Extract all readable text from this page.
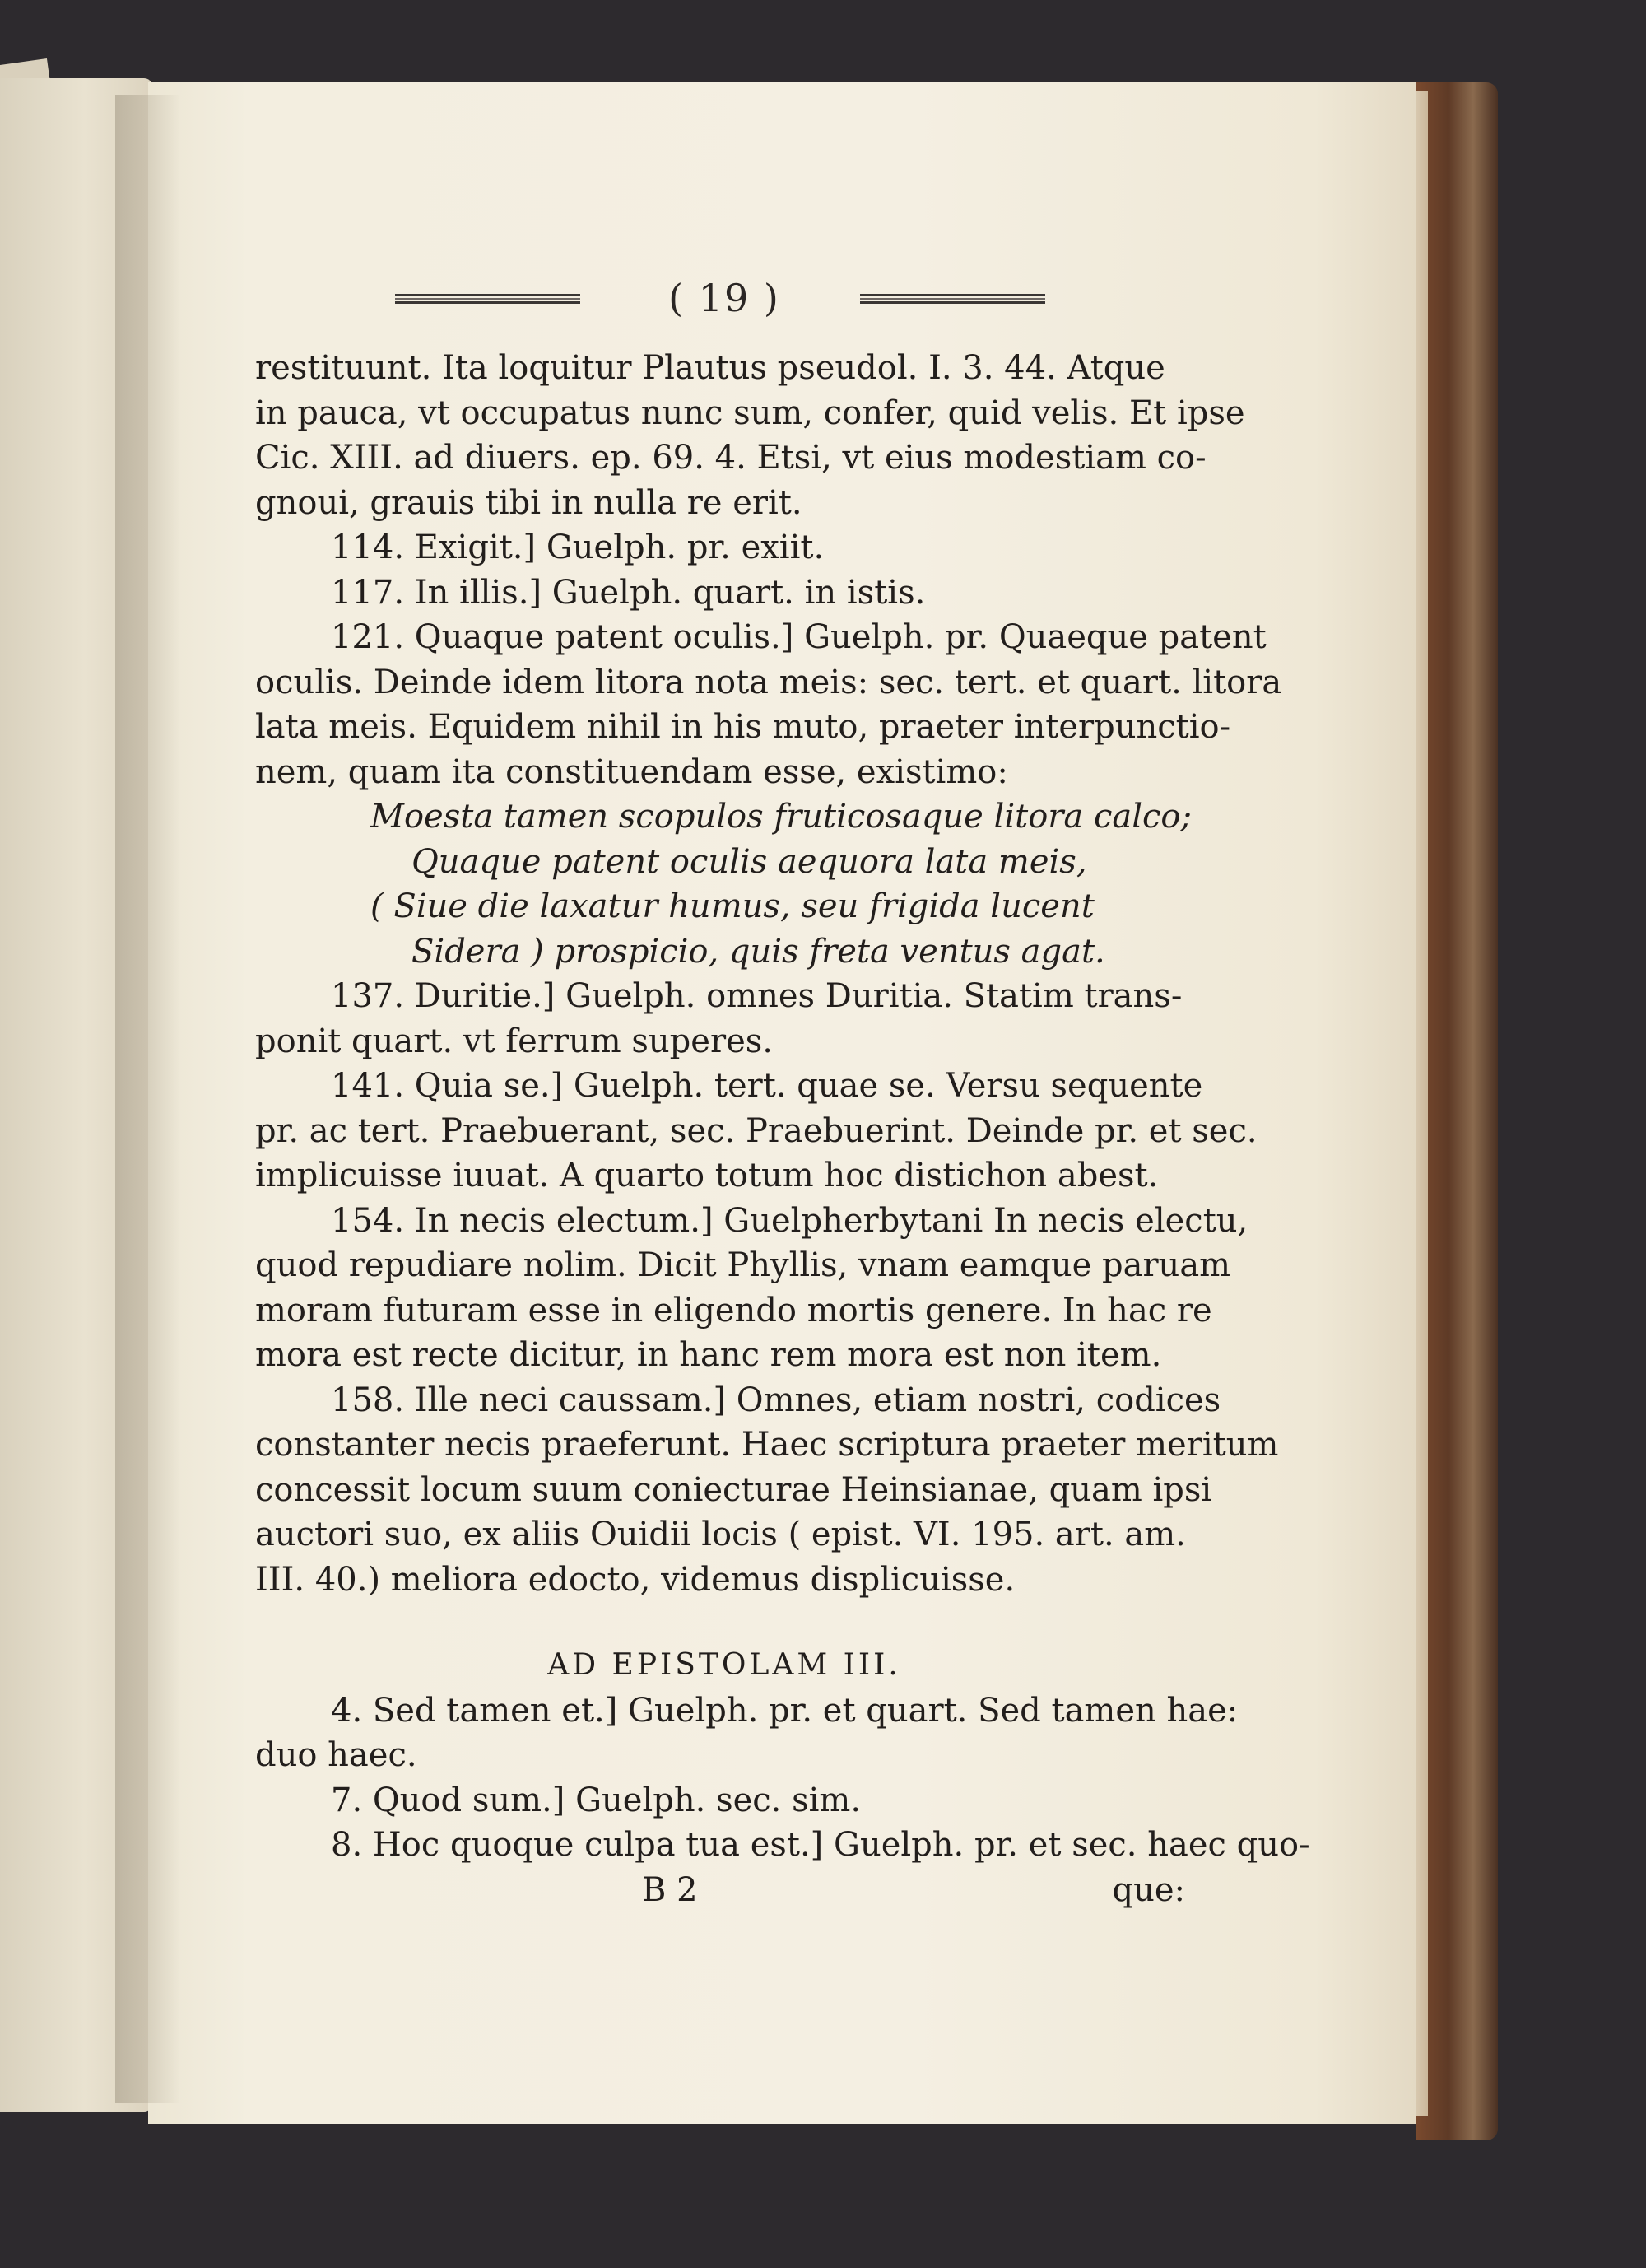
( 19 )
restituunt. Ita loquitur Plautus pseudol. I. 3. 44. Atque
in pauca, vt occupatus nunc sum, confer, quid velis. Et ipse
Cic. XIII. ad diuers. ep. 69. 4. Etsi, vt eius modestiam co-
gnoui, grauis tibi in nulla re erit.
114. Exigit.] Guelph. pr. exiit.
117. In illis.] Guelph. quart. in istis.
121. Quaque patent oculis.] Guelph. pr. Quaeque patent
oculis. Deinde idem litora nota meis: sec. tert. et quart. litora
lata meis. Equidem nihil in his muto, praeter interpunctio-
nem, quam ita constituendam esse, existimo:
Moesta tamen scopulos fruticosaque litora calco;
Quaque patent oculis aequora lata meis,
( Siue die laxatur humus, seu frigida lucent
Sidera ) prospicio, quis freta ventus agat.
137. Duritie.] Guelph. omnes Duritia. Statim trans-
ponit quart. vt ferrum superes.
141. Quia se.] Guelph. tert. quae se. Versu sequente
pr. ac tert. Praebuerant, sec. Praebuerint. Deinde pr. et sec.
implicuisse iuuat. A quarto totum hoc distichon abest.
154. In necis electum.] Guelpherbytani In necis electu,
quod repudiare nolim. Dicit Phyllis, vnam eamque paruam
moram futuram esse in eligendo mortis genere. In hac re
mora est recte dicitur, in hanc rem mora est non item.
158. Ille neci caussam.] Omnes, etiam nostri, codices
constanter necis praeferunt. Haec scriptura praeter meritum
concessit locum suum coniecturae Heinsianae, quam ipsi
auctori suo, ex aliis Ouidii locis ( epist. VI. 195. art. am.
III. 40.) meliora edocto, videmus displicuisse.
AD EPISTOLAM III.
4. Sed tamen et.] Guelph. pr. et quart. Sed tamen hae:
duo haec.
7. Quod sum.] Guelph. sec. sim.
8. Hoc quoque culpa tua est.] Guelph. pr. et sec. haec quo-
B 2	que:
